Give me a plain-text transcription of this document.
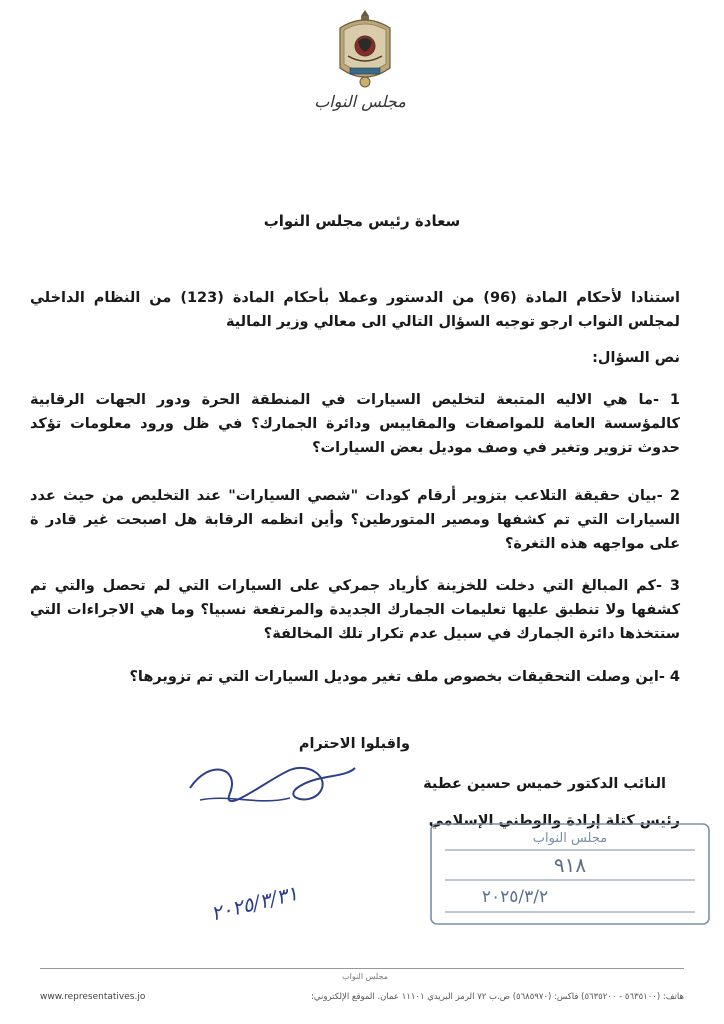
مجلس النواب
سعادة رئيس مجلس النواب
استنادا لأحكام المادة (96) من الدستور وعملا بأحكام المادة (123) من النظام الداخلي لمجلس النواب ارجو توجيه السؤال التالي الى معالي وزير المالية
نص السؤال:
1 -ما هي الاليه المتبعة لتخليص السيارات في المنطقة الحرة ودور الجهات الرقابية كالمؤسسة العامة للمواصفات والمقاييس ودائرة الجمارك؟ في ظل ورود معلومات تؤكد حدوث تزوير وتغير في وصف موديل بعض السيارات؟
2 -بيان حقيقة التلاعب بتزوير أرقام كودات "شصي السيارات" عند التخليص من حيث عدد السيارات التي تم كشفها ومصير المتورطين؟ وأين انظمه الرقابة هل اصبحت غير قادر ة على مواجهه هذه الثغرة؟
3 -كم المبالغ التي دخلت للخزينة كأرياد جمركي على السيارات التي لم تحصل والتي تم كشفها ولا تنطبق عليها تعليمات الجمارك الجديدة والمرتفعة نسبيا؟ وما هي الاجراءات التي ستتخذها دائرة الجمارك في سبيل عدم تكرار تلك المخالفة؟
4 -اين وصلت التحقيقات بخصوص ملف تغير موديل السيارات التي تم تزويرها؟
واقبلوا الاحترام
النائب الدكتور خميس حسين عطية
رئيس كتلة إرادة والوطني الإسلامي
مجلس النواب
٩١٨
٢٠٢٥/٣/٢
٢٠٢٥/٣/٣١
مجلس النواب
هاتف: (٥٦٣٥١٠٠ - ٥٦٣٥٢٠٠) فاكس: (٥٦٨٥٩٧٠) ص.ب ٧٢ الرمز البريدي ١١١٠١ عمان. الموقع الإلكتروني:
www.representatives.jo
